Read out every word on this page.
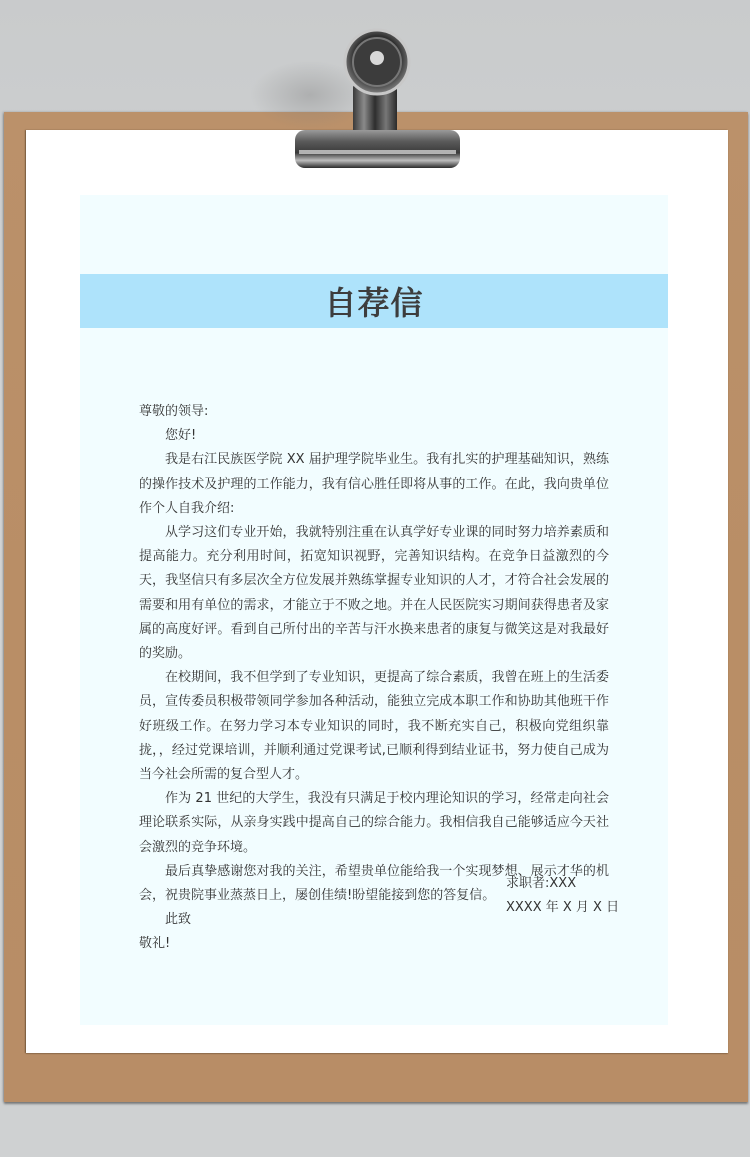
自荐信

尊敬的领导:

您好!

我是右江民族医学院 XX 届护理学院毕业生。我有扎实的护理基础知识，熟练的操作技术及护理的工作能力，我有信心胜任即将从事的工作。在此，我向贵单位作个人自我介绍:

从学习这们专业开始，我就特别注重在认真学好专业课的同时努力培养素质和提高能力。充分利用时间，拓宽知识视野，完善知识结构。在竞争日益激烈的今天，我坚信只有多层次全方位发展并熟练掌握专业知识的人才，才符合社会发展的需要和用有单位的需求，才能立于不败之地。并在人民医院实习期间获得患者及家属的高度好评。看到自己所付出的辛苦与汗水换来患者的康复与微笑这是对我最好的奖励。

在校期间，我不但学到了专业知识，更提高了综合素质，我曾在班上的生活委员，宣传委员积极带领同学参加各种活动，能独立完成本职工作和协助其他班干作好班级工作。在努力学习本专业知识的同时，我不断充实自己，积极向党组织靠拢，，经过党课培训，并顺利通过党课考试,已顺利得到结业证书，努力使自己成为当今社会所需的复合型人才。

作为 21 世纪的大学生，我没有只满足于校内理论知识的学习，经常走向社会理论联系实际，从亲身实践中提高自己的综合能力。我相信我自己能够适应今天社会激烈的竞争环境。

最后真挚感谢您对我的关注，希望贵单位能给我一个实现梦想、展示才华的机会，祝贵院事业蒸蒸日上，屡创佳绩!盼望能接到您的答复信。

此致

敬礼!

求职者:XXX
XXXX 年 X 月 X 日
